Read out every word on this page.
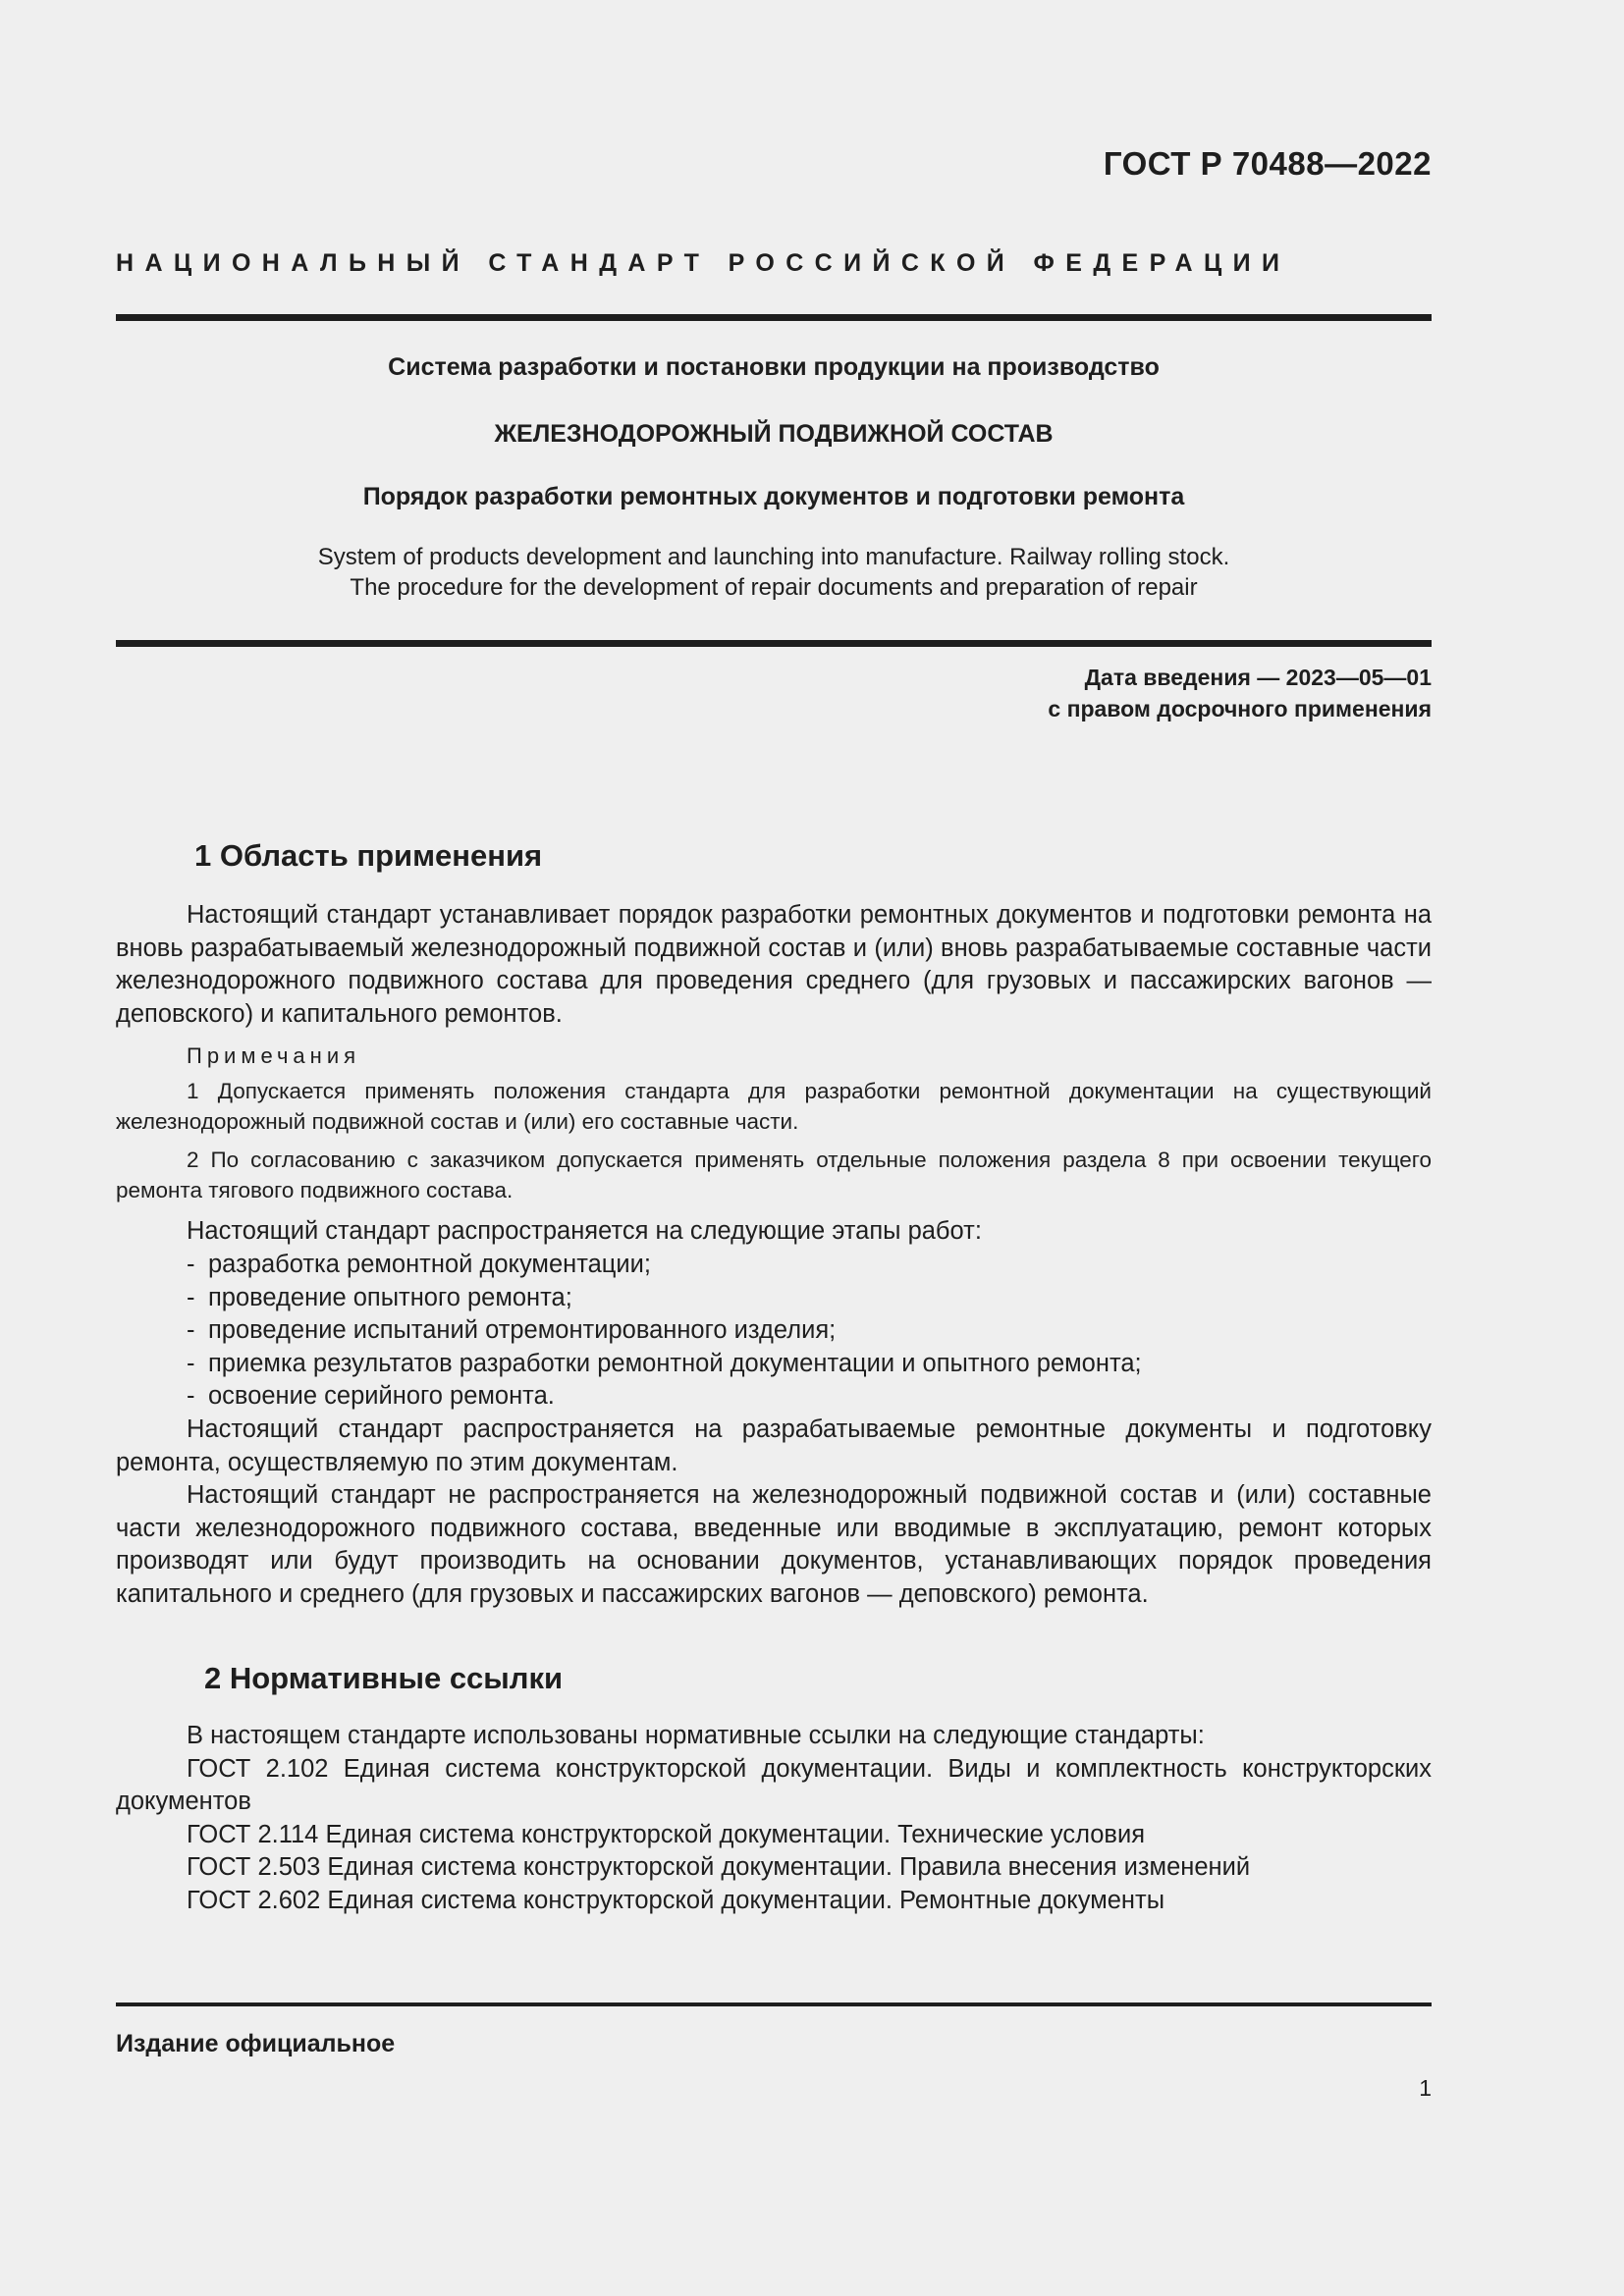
ГОСТ Р 70488—2022
НАЦИОНАЛЬНЫЙ СТАНДАРТ РОССИЙСКОЙ ФЕДЕРАЦИИ
Система разработки и постановки продукции на производство
ЖЕЛЕЗНОДОРОЖНЫЙ ПОДВИЖНОЙ СОСТАВ
Порядок разработки ремонтных документов и подготовки ремонта
System of products development and launching into manufacture. Railway rolling stock.
The procedure for the development of repair documents and preparation of repair
Дата введения — 2023—05—01
с правом досрочного применения
1 Область применения

Настоящий стандарт устанавливает порядок разработки ремонтных документов и подготовки ремонта на вновь разрабатываемый железнодорожный подвижной состав и (или) вновь разрабатываемые составные части железнодорожного подвижного состава для проведения среднего (для грузовых и пассажирских вагонов — деповского) и капитального ремонтов.

Примечания

1 Допускается применять положения стандарта для разработки ремонтной документации на существующий железнодорожный подвижной состав и (или) его составные части.

2 По согласованию с заказчиком допускается применять отдельные положения раздела 8 при освоении текущего ремонта тягового подвижного состава.

Настоящий стандарт распространяется на следующие этапы работ:

- разработка ремонтной документации;

- проведение опытного ремонта;

- проведение испытаний отремонтированного изделия;

- приемка результатов разработки ремонтной документации и опытного ремонта;

- освоение серийного ремонта.

Настоящий стандарт распространяется на разрабатываемые ремонтные документы и подготовку ремонта, осуществляемую по этим документам.

Настоящий стандарт не распространяется на железнодорожный подвижной состав и (или) составные части железнодорожного подвижного состава, введенные или вводимые в эксплуатацию, ремонт которых производят или будут производить на основании документов, устанавливающих порядок проведения капитального и среднего (для грузовых и пассажирских вагонов — деповского) ремонта.

2 Нормативные ссылки

В настоящем стандарте использованы нормативные ссылки на следующие стандарты:

ГОСТ 2.102 Единая система конструкторской документации. Виды и комплектность конструкторских документов

ГОСТ 2.114 Единая система конструкторской документации. Технические условия

ГОСТ 2.503 Единая система конструкторской документации. Правила внесения изменений

ГОСТ 2.602 Единая система конструкторской документации. Ремонтные документы

Издание официальное
1
